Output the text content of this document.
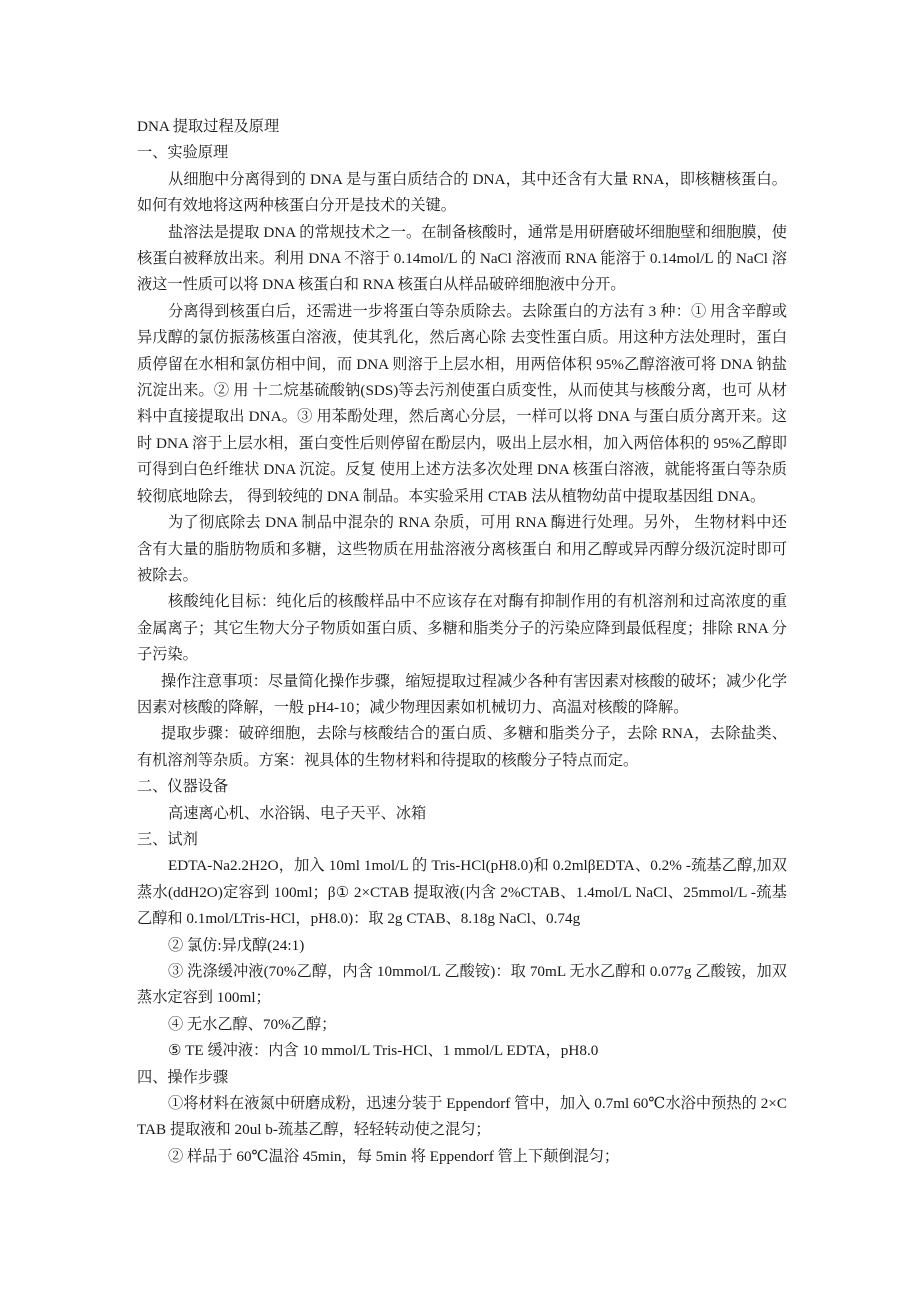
DNA 提取过程及原理

一、实验原理

从细胞中分离得到的 DNA 是与蛋白质结合的 DNA，其中还含有大量 RNA，即核糖核蛋白。如何有效地将这两种核蛋白分开是技术的关键。

盐溶法是提取 DNA 的常规技术之一。在制备核酸时，通常是用研磨破坏细胞壁和细胞膜，使核蛋白被释放出来。利用 DNA 不溶于 0.14mol/L 的 NaCl 溶液而 RNA 能溶于 0.14mol/L 的 NaCl 溶液这一性质可以将 DNA 核蛋白和 RNA 核蛋白从样品破碎细胞液中分开。

分离得到核蛋白后，还需进一步将蛋白等杂质除去。去除蛋白的方法有 3 种：① 用含辛醇或异戊醇的氯仿振荡核蛋白溶液，使其乳化，然后离心除 去变性蛋白质。用这种方法处理时，蛋白质停留在水相和氯仿相中间，而 DNA 则溶于上层水相，用两倍体积 95%乙醇溶液可将 DNA 钠盐沉淀出来。② 用 十二烷基硫酸钠(SDS)等去污剂使蛋白质变性，从而使其与核酸分离，也可 从材料中直接提取出 DNA。③ 用苯酚处理，然后离心分层，一样可以将 DNA 与蛋白质分离开来。这时 DNA 溶于上层水相，蛋白变性后则停留在酚层内，吸出上层水相，加入两倍体积的 95%乙醇即可得到白色纤维状 DNA 沉淀。反复 使用上述方法多次处理 DNA 核蛋白溶液，就能将蛋白等杂质较彻底地除去， 得到较纯的 DNA 制品。本实验采用 CTAB 法从植物幼苗中提取基因组 DNA。

为了彻底除去 DNA 制品中混杂的 RNA 杂质，可用 RNA 酶进行处理。另外， 生物材料中还含有大量的脂肪物质和多糖，这些物质在用盐溶液分离核蛋白 和用乙醇或异丙醇分级沉淀时即可被除去。

核酸纯化目标：纯化后的核酸样品中不应该存在对酶有抑制作用的有机溶剂和过高浓度的重金属离子；其它生物大分子物质如蛋白质、多糖和脂类分子的污染应降到最低程度；排除 RNA 分子污染。

操作注意事项：尽量简化操作步骤，缩短提取过程减少各种有害因素对核酸的破坏；减少化学因素对核酸的降解，一般 pH4-10；减少物理因素如机械切力、高温对核酸的降解。

提取步骤：破碎细胞，去除与核酸结合的蛋白质、多糖和脂类分子，去除 RNA，去除盐类、有机溶剂等杂质。方案：视具体的生物材料和待提取的核酸分子特点而定。

二、仪器设备

高速离心机、水浴锅、电子天平、冰箱

三、试剂

EDTA-Na2.2H2O，加入 10ml 1mol/L 的 Tris-HCl(pH8.0)和 0.2mlβEDTA、0.2% -巯基乙醇,加双蒸水(ddH2O)定容到 100ml；β① 2×CTAB 提取液(内含 2%CTAB、1.4mol/L NaCl、25mmol/L -巯基乙醇和 0.1mol/LTris-HCl，pH8.0)：取 2g CTAB、8.18g NaCl、0.74g

② 氯仿:异戊醇(24:1)

③ 洗涤缓冲液(70%乙醇，内含 10mmol/L 乙酸铵)：取 70mL 无水乙醇和 0.077g 乙酸铵，加双蒸水定容到 100ml；

④ 无水乙醇、70%乙醇；

⑤ TE 缓冲液：内含 10 mmol/L Tris-HCl、1 mmol/L EDTA，pH8.0

四、操作步骤

①将材料在液氮中研磨成粉，迅速分装于 Eppendorf 管中，加入 0.7ml 60℃水浴中预热的 2×CTAB 提取液和 20ul b-巯基乙醇，轻轻转动使之混匀；

② 样品于 60℃温浴 45min，每 5min 将 Eppendorf 管上下颠倒混匀；
